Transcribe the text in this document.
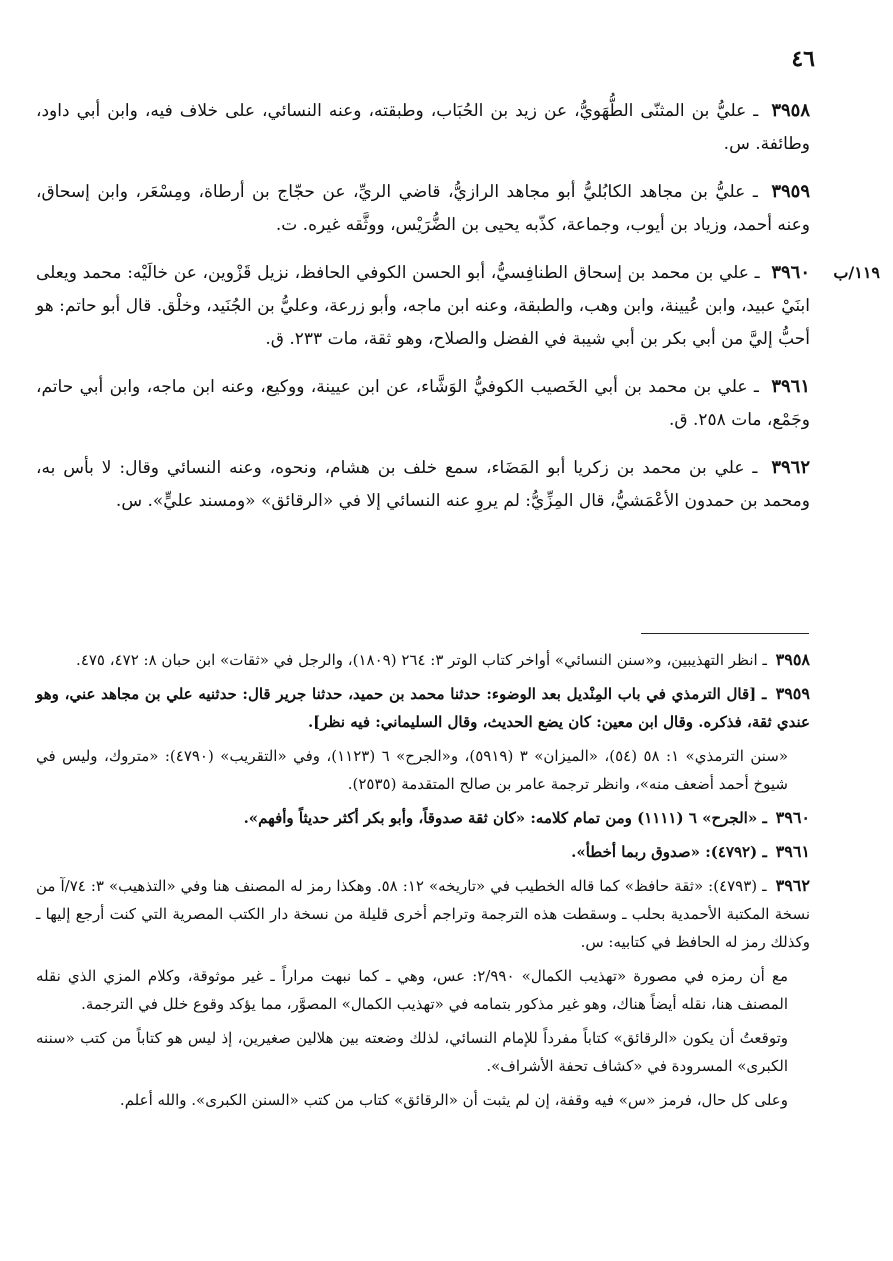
٤٦
٣٩٥٨ ـ عليُّ بن المثنّى الطُّهَويُّ، عن زيد بن الحُبَاب، وطبقته، وعنه النسائي، على خلاف فيه، وابن أبي داود، وطائفة. س.
٣٩٥٩ ـ عليُّ بن مجاهد الكابُليُّ أبو مجاهد الرازيُّ، قاضي الريِّ، عن حجّاج بن أرطاة، ومِسْعَر، وابن إسحاق، وعنه أحمد، وزياد بن أيوب، وجماعة، كذّبه يحيى بن الضُّرَيْس، ووثَّقه غيره. ت.
١١٩/ب
٣٩٦٠ ـ علي بن محمد بن إسحاق الطنافِسيُّ، أبو الحسن الكوفي الحافظ، نزيل قَزْوين، عن خالَيْه: محمد ويعلى ابنَيْ عبيد، وابن عُيينة، وابن وهب، والطبقة، وعنه ابن ماجه، وأبو زرعة، وعليُّ بن الجُنَيد، وخلْق. قال أبو حاتم: هو أحبُّ إليَّ من أبي بكر بن أبي شيبة في الفضل والصلاح، وهو ثقة، مات ٢٣٣. ق.
٣٩٦١ ـ علي بن محمد بن أبي الخَصيب الكوفيُّ الوَشَّاء، عن ابن عيينة، ووكيع، وعنه ابن ماجه، وابن أبي حاتم، وجَمْع، مات ٢٥٨. ق.
٣٩٦٢ ـ علي بن محمد بن زكريا أبو المَضَاء، سمع خلف بن هشام، ونحوه، وعنه النسائي وقال: لا بأس به، ومحمد بن حمدون الأعْمَشيُّ، قال المِزِّيُّ: لم يروِ عنه النسائي إلا في «الرقائق» «ومسند عليٍّ». س.
٣٩٥٨ ـ انظر التهذيبين، و«سنن النسائي» أواخر كتاب الوتر ٣: ٢٦٤ (١٨٠٩)، والرجل في «ثقات» ابن حبان ٨: ٤٧٢، ٤٧٥.
٣٩٥٩ ـ [قال الترمذي في باب المِنْديل بعد الوضوء: حدثنا محمد بن حميد، حدثنا جرير قال: حدثنيه علي بن مجاهد عني، وهو عندي ثقة، فذكره. وقال ابن معين: كان يضع الحديث، وقال السليماني: فيه نظر].
«سنن الترمذي» ١: ٥٨ (٥٤)، «الميزان» ٣ (٥٩١٩)، و«الجرح» ٦ (١١٢٣)، وفي «التقريب» (٤٧٩٠): «متروك، وليس في شيوخ أحمد أضعف منه»، وانظر ترجمة عامر بن صالح المتقدمة (٢٥٣٥).
٣٩٦٠ ـ «الجرح» ٦ (١١١١) ومن تمام كلامه: «كان ثقة صدوقاً، وأبو بكر أكثر حديثاً وأفهم».
٣٩٦١ ـ (٤٧٩٢): «صدوق ربما أخطأ».
٣٩٦٢ ـ (٤٧٩٣): «ثقة حافظ» كما قاله الخطيب في «تاريخه» ١٢: ٥٨. وهكذا رمز له المصنف هنا وفي «التذهيب» ٣: ٧٤/آ من نسخة المكتبة الأحمدية بحلب ـ وسقطت هذه الترجمة وتراجم أخرى قليلة من نسخة دار الكتب المصرية التي كنت أرجع إليها ـ وكذلك رمز له الحافظ في كتابيه: س.
مع أن رمزه في مصورة «تهذيب الكمال» ٢/٩٩٠: عس، وهي ـ كما نبهت مراراً ـ غير موثوقة، وكلام المزي الذي نقله المصنف هنا، نقله أيضاً هناك، وهو غير مذكور بتمامه في «تهذيب الكمال» المصوَّر، مما يؤكد وقوع خلل في الترجمة.
وتوقعتُ أن يكون «الرقائق» كتاباً مفرداً للإمام النسائي، لذلك وضعته بين هلالين صغيرين، إذ ليس هو كتاباً من كتب «سننه الكبرى» المسرودة في «كشاف تحفة الأشراف».
وعلى كل حال، فرمز «س» فيه وقفة، إن لم يثبت أن «الرقائق» كتاب من كتب «السنن الكبرى». والله أعلم.
